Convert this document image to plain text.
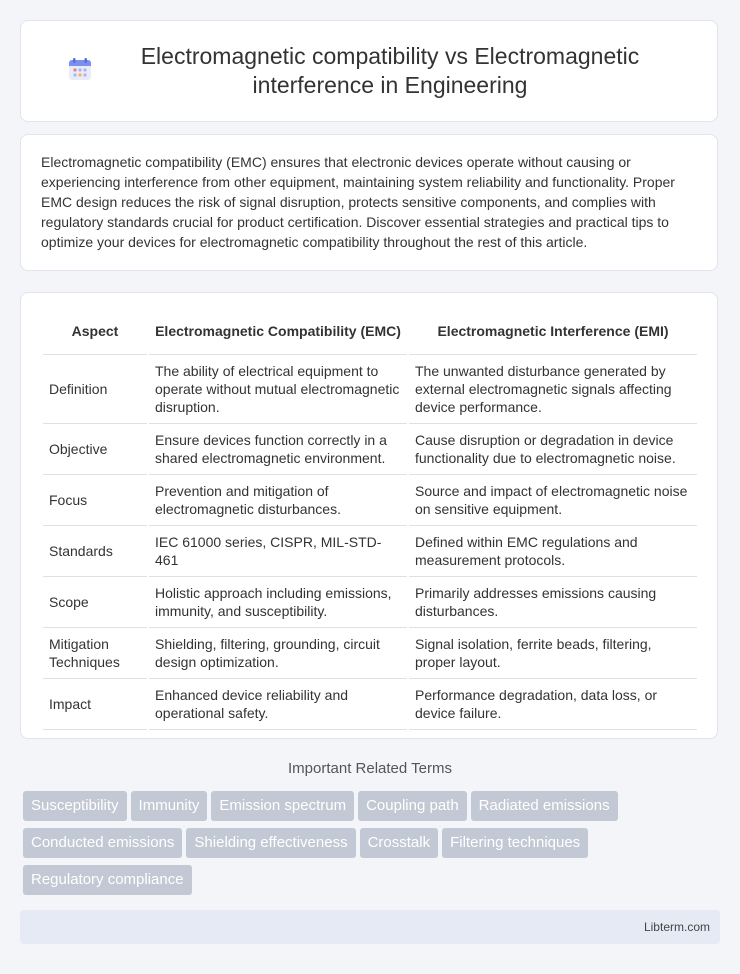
Electromagnetic compatibility vs Electromagnetic interference in Engineering

Electromagnetic compatibility (EMC) ensures that electronic devices operate without causing or experiencing interference from other equipment, maintaining system reliability and functionality. Proper EMC design reduces the risk of signal disruption, protects sensitive components, and complies with regulatory standards crucial for product certification. Discover essential strategies and practical tips to optimize your devices for electromagnetic compatibility throughout the rest of this article.

Aspect	Electromagnetic Compatibility (EMC)	Electromagnetic Interference (EMI)
Definition	The ability of electrical equipment to operate without mutual electromagnetic disruption.	The unwanted disturbance generated by external electromagnetic signals affecting device performance.
Objective	Ensure devices function correctly in a shared electromagnetic environment.	Cause disruption or degradation in device functionality due to electromagnetic noise.
Focus	Prevention and mitigation of electromagnetic disturbances.	Source and impact of electromagnetic noise on sensitive equipment.
Standards	IEC 61000 series, CISPR, MIL-STD-461	Defined within EMC regulations and measurement protocols.
Scope	Holistic approach including emissions, immunity, and susceptibility.	Primarily addresses emissions causing disturbances.
Mitigation Techniques	Shielding, filtering, grounding, circuit design optimization.	Signal isolation, ferrite beads, filtering, proper layout.
Impact	Enhanced device reliability and operational safety.	Performance degradation, data loss, or device failure.
Important Related Terms
Susceptibility Immunity Emission spectrum Coupling path Radiated emissions
Conducted emissions Shielding effectiveness Crosstalk Filtering techniques
Regulatory compliance
Libterm.com
